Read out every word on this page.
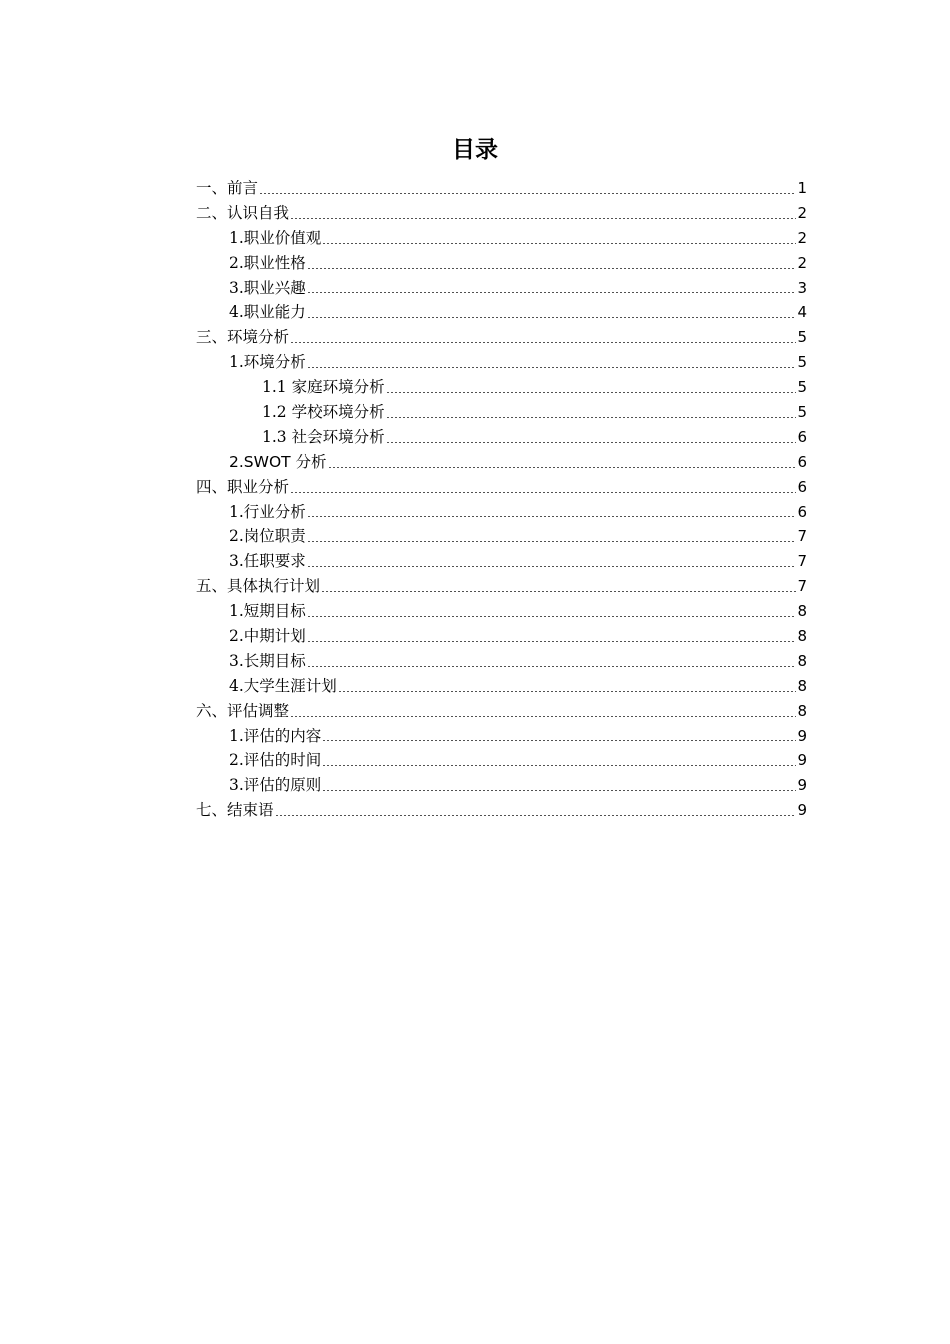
目录
一、前言	1
二、认识自我	2
1.职业价值观	2
2.职业性格	2
3.职业兴趣	3
4.职业能力	4
三、环境分析	5
1.环境分析	5
1.1 家庭环境分析	5
1.2 学校环境分析	5
1.3 社会环境分析	6
2.SWOT 分析	6
四、职业分析	6
1.行业分析	6
2.岗位职责	7
3.任职要求	7
五、具体执行计划	7
1.短期目标	8
2.中期计划	8
3.长期目标	8
4.大学生涯计划	8
六、评估调整	8
1.评估的内容	9
2.评估的时间	9
3.评估的原则	9
七、结束语	9
